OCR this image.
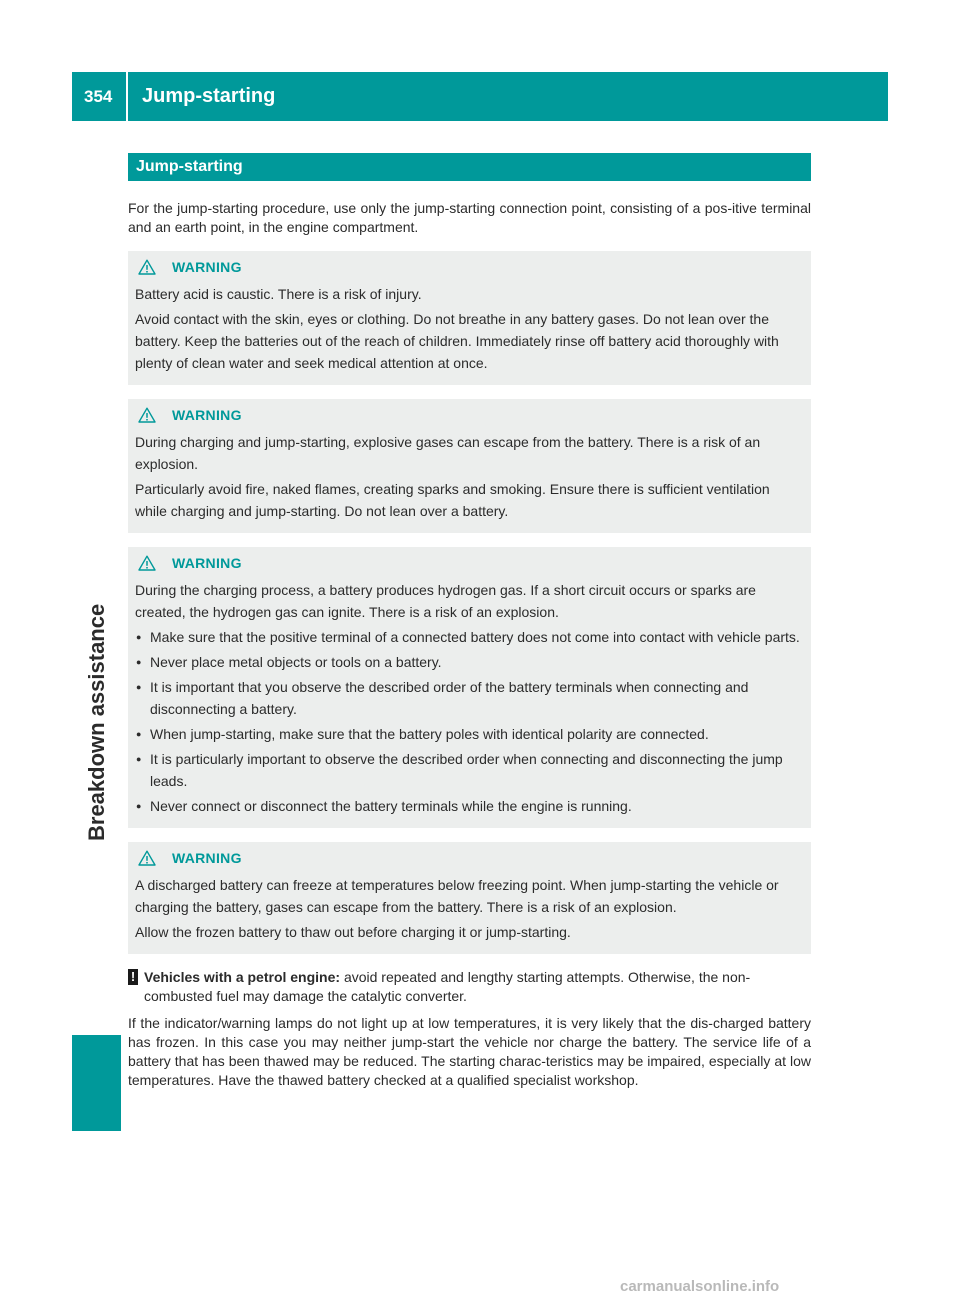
354	Jump-starting
Breakdown assistance
Jump-starting

For the jump-starting procedure, use only the jump-starting connection point, consisting of a pos-itive terminal and an earth point, in the engine compartment.

WARNING

Battery acid is caustic. There is a risk of injury.

Avoid contact with the skin, eyes or clothing. Do not breathe in any battery gases. Do not lean over the battery. Keep the batteries out of the reach of children. Immediately rinse off battery acid thoroughly with plenty of clean water and seek medical attention at once.

WARNING

During charging and jump-starting, explosive gases can escape from the battery. There is a risk of an explosion.

Particularly avoid fire, naked flames, creating sparks and smoking. Ensure there is sufficient ventilation while charging and jump-starting. Do not lean over a battery.

WARNING

During the charging process, a battery produces hydrogen gas. If a short circuit occurs or sparks are created, the hydrogen gas can ignite. There is a risk of an explosion.

● Make sure that the positive terminal of a connected battery does not come into contact with vehicle parts.
● Never place metal objects or tools on a battery.
● It is important that you observe the described order of the battery terminals when connecting and disconnecting a battery.
● When jump-starting, make sure that the battery poles with identical polarity are connected.
● It is particularly important to observe the described order when connecting and disconnecting the jump leads.
● Never connect or disconnect the battery terminals while the engine is running.
WARNING

A discharged battery can freeze at temperatures below freezing point. When jump-starting the vehicle or charging the battery, gases can escape from the battery. There is a risk of an explosion.

Allow the frozen battery to thaw out before charging it or jump-starting.

! Vehicles with a petrol engine: avoid repeated and lengthy starting attempts. Otherwise, the non-combusted fuel may damage the catalytic converter.

If the indicator/warning lamps do not light up at low temperatures, it is very likely that the dis-charged battery has frozen. In this case you may neither jump-start the vehicle nor charge the battery. The service life of a battery that has been thawed may be reduced. The starting charac-teristics may be impaired, especially at low temperatures. Have the thawed battery checked at a qualified specialist workshop.

carmanualsonline.info
